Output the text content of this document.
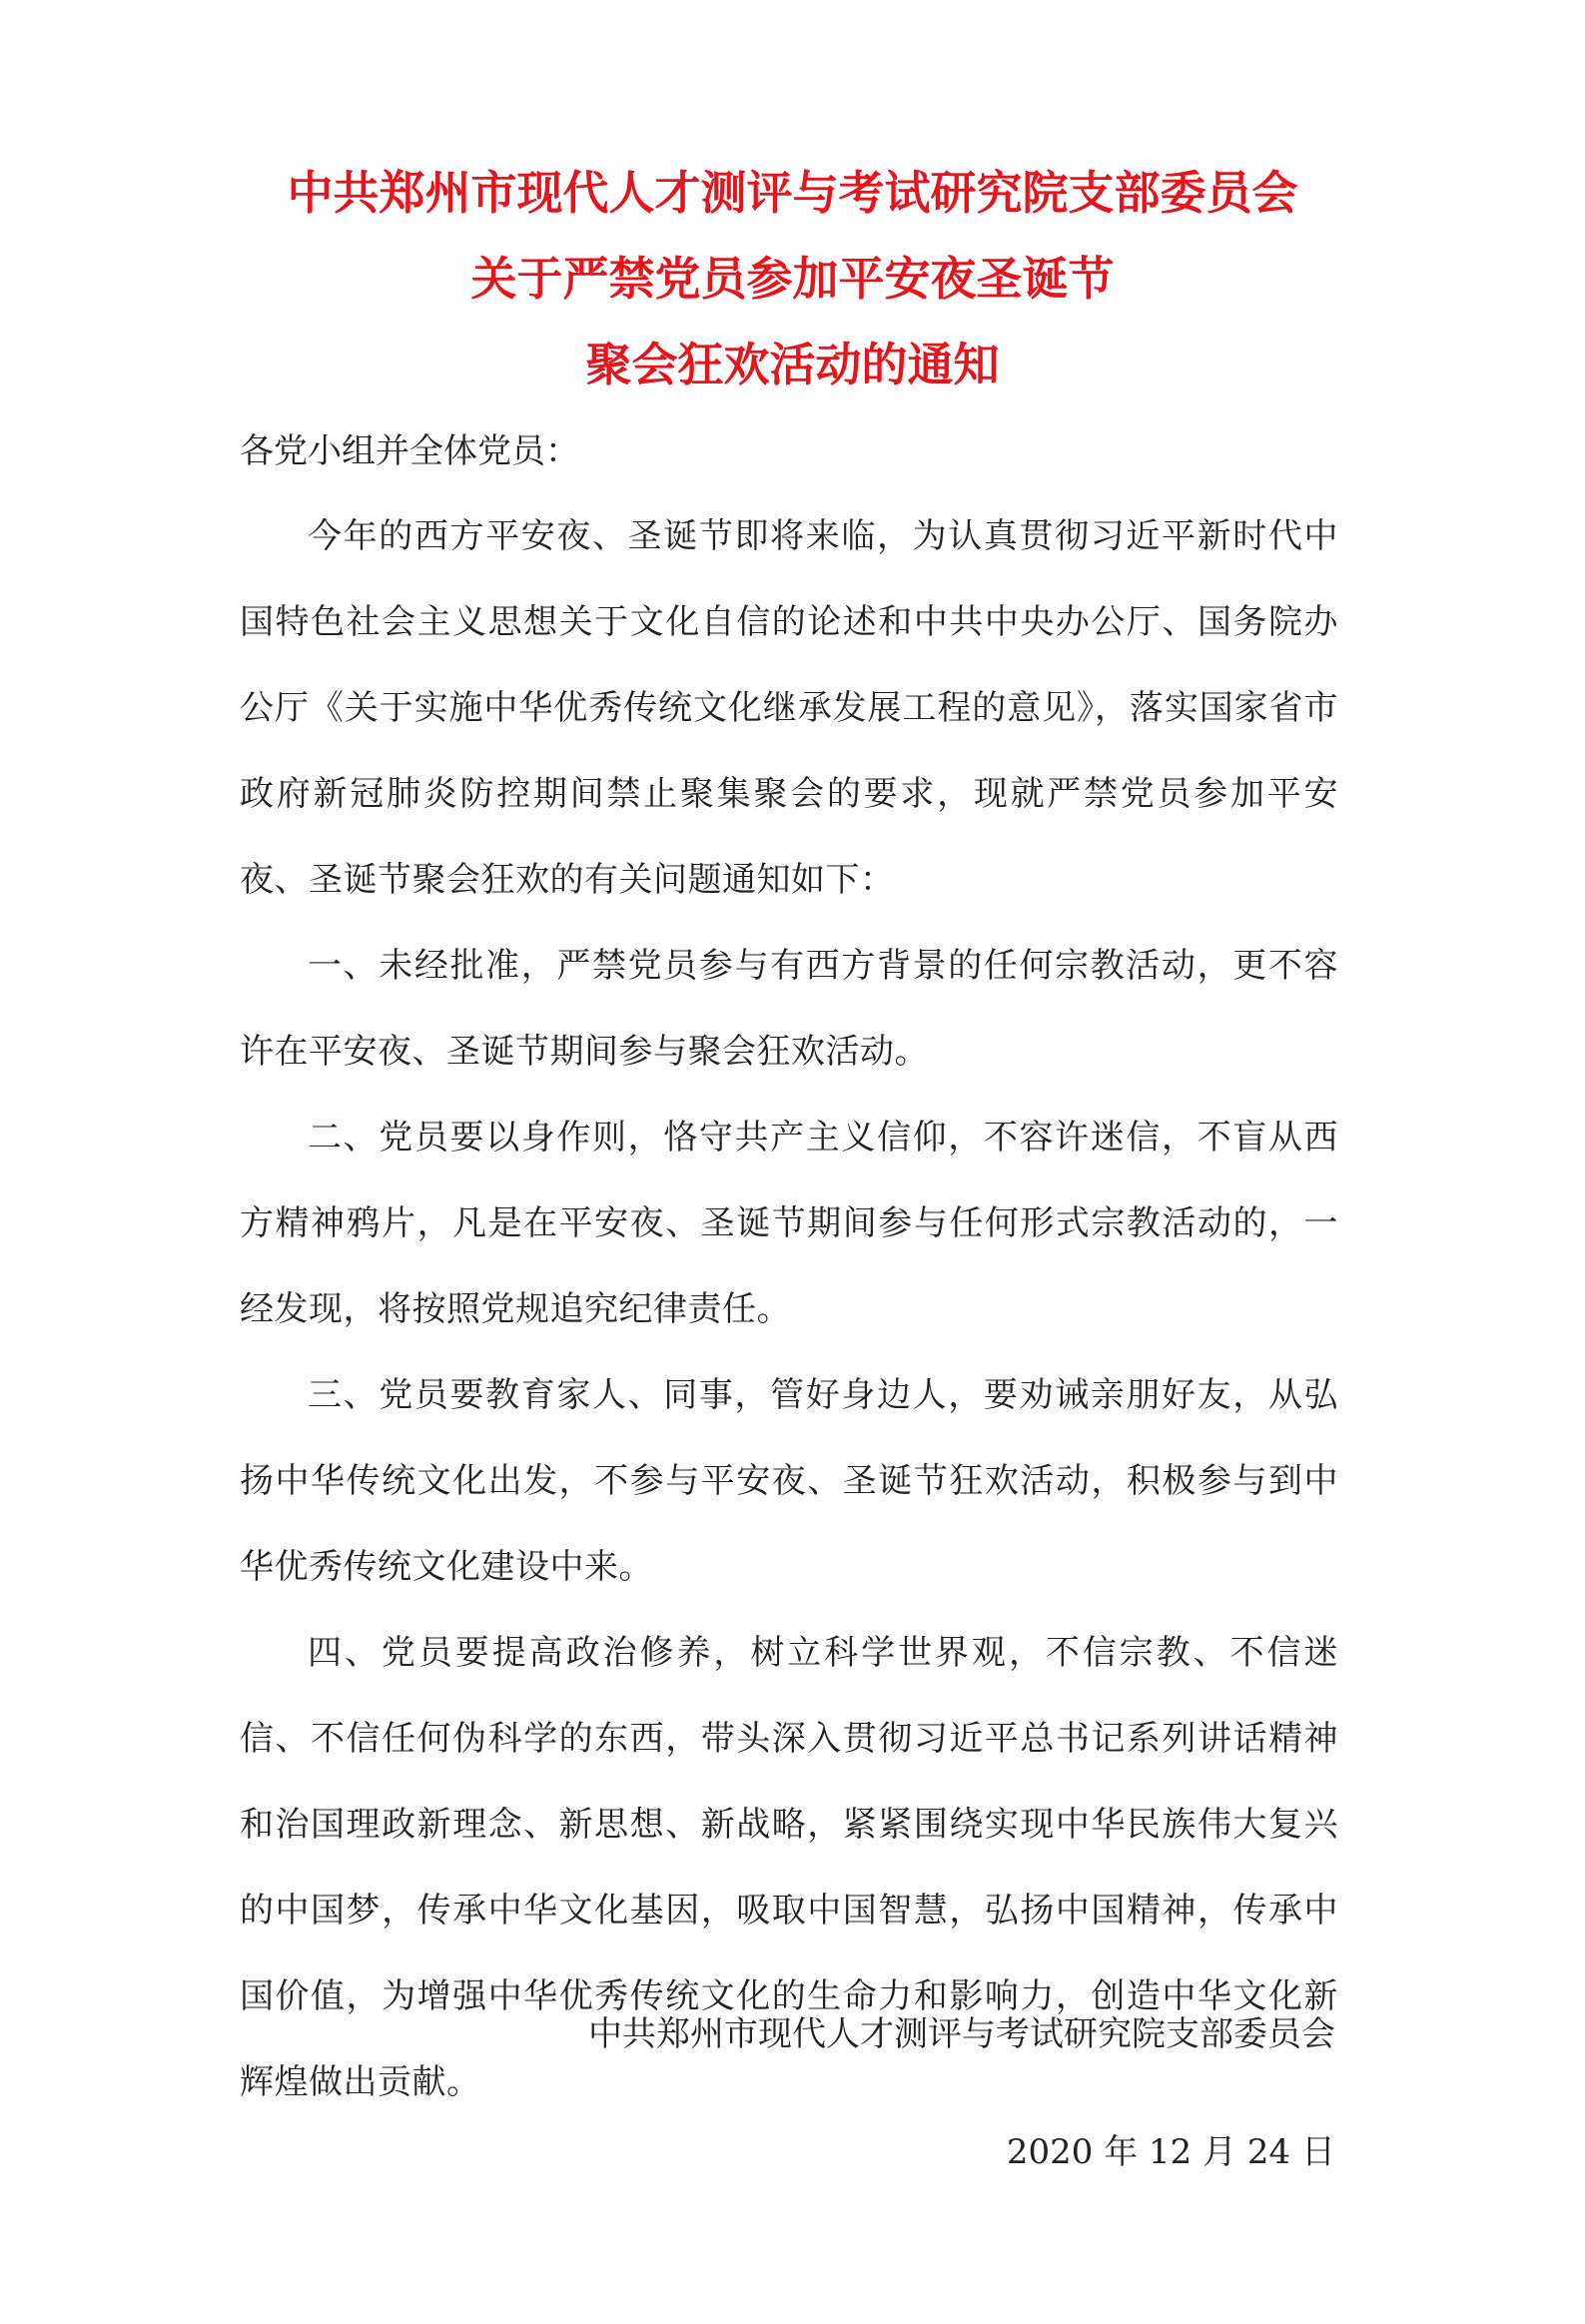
中共郑州市现代人才测评与考试研究院支部委员会
关于严禁党员参加平安夜圣诞节
聚会狂欢活动的通知

各党小组并全体党员：

今年的西方平安夜、圣诞节即将来临，为认真贯彻习近平新时代中国特色社会主义思想关于文化自信的论述和中共中央办公厅、国务院办公厅《关于实施中华优秀传统文化继承发展工程的意见》，落实国家省市政府新冠肺炎防控期间禁止聚集聚会的要求，现就严禁党员参加平安夜、圣诞节聚会狂欢的有关问题通知如下：

一、未经批准，严禁党员参与有西方背景的任何宗教活动，更不容许在平安夜、圣诞节期间参与聚会狂欢活动。

二、党员要以身作则，恪守共产主义信仰，不容许迷信，不盲从西方精神鸦片，凡是在平安夜、圣诞节期间参与任何形式宗教活动的，一经发现，将按照党规追究纪律责任。

三、党员要教育家人、同事，管好身边人，要劝诫亲朋好友，从弘扬中华传统文化出发，不参与平安夜、圣诞节狂欢活动，积极参与到中华优秀传统文化建设中来。

四、党员要提高政治修养，树立科学世界观，不信宗教、不信迷信、不信任何伪科学的东西，带头深入贯彻习近平总书记系列讲话精神和治国理政新理念、新思想、新战略，紧紧围绕实现中华民族伟大复兴的中国梦，传承中华文化基因，吸取中国智慧，弘扬中国精神，传承中国价值，为增强中华优秀传统文化的生命力和影响力，创造中华文化新辉煌做出贡献。

中共郑州市现代人才测评与考试研究院支部委员会
2020 年 12 月 24 日
